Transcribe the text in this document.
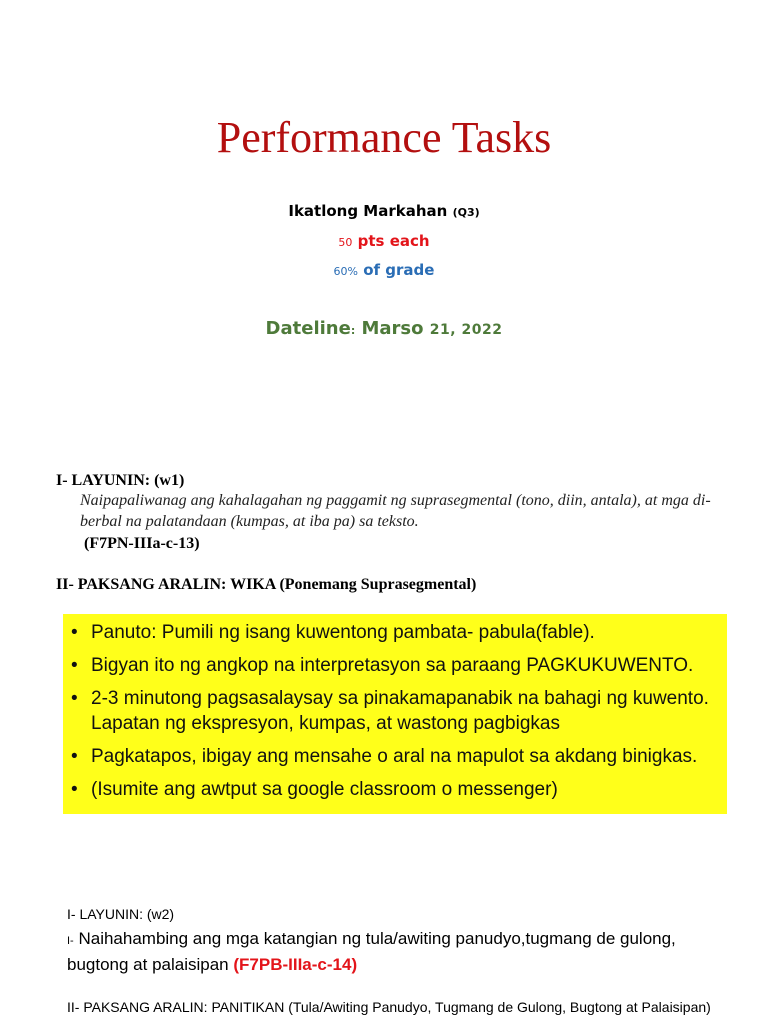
Performance Tasks
Ikatlong Markahan (Q3)
50 pts each
60% of grade
Dateline: Marso 21, 2022
I- LAYUNIN: (w1)
Naipapaliwanag ang kahalagahan ng paggamit ng suprasegmental (tono, diin, antala), at mga di- berbal na palatandaan (kumpas, at iba pa) sa teksto.
(F7PN-IIIa-c-13)
II- PAKSANG ARALIN: WIKA (Ponemang Suprasegmental)
• Panuto: Pumili ng isang kuwentong pambata- pabula(fable).
• Bigyan ito ng angkop na interpretasyon sa paraang PAGKUKUWENTO.
• 2-3 minutong pagsasalaysay sa pinakamapanabik na bahagi ng kuwento. Lapatan ng ekspresyon, kumpas, at wastong pagbigkas
• Pagkatapos, ibigay ang mensahe o aral na mapulot sa akdang binigkas.
• (Isumite ang awtput sa google classroom o messenger)
I- LAYUNIN: (w2)
I- Naihahambing ang mga katangian ng tula/awiting panudyo,tugmang de gulong, bugtong at palaisipan (F7PB-IIIa-c-14)
II- PAKSANG ARALIN: PANITIKAN (Tula/Awiting Panudyo, Tugmang de Gulong, Bugtong at Palaisipan)
